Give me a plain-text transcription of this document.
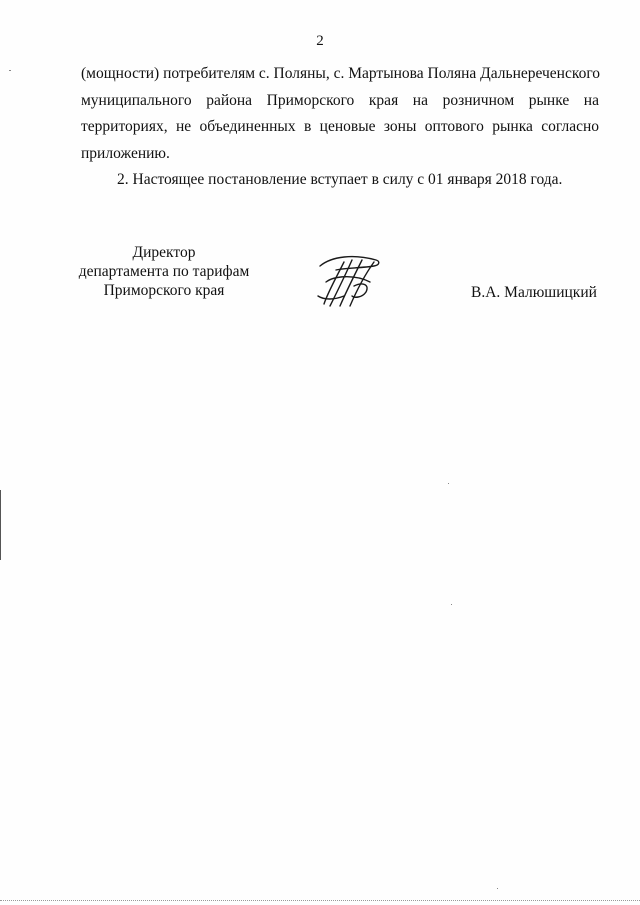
2

(мощности) потребителям с. Поляны, с. Мартынова Поляна Дальнереченского
муниципального района Приморского края на розничном рынке на
территориях, не объединенных в ценовые зоны оптового рынка согласно
приложению.

2. Настоящее постановление вступает в силу с 01 января 2018 года.

Директор
департамента по тарифам
Приморского края	В.А. Малюшицкий
